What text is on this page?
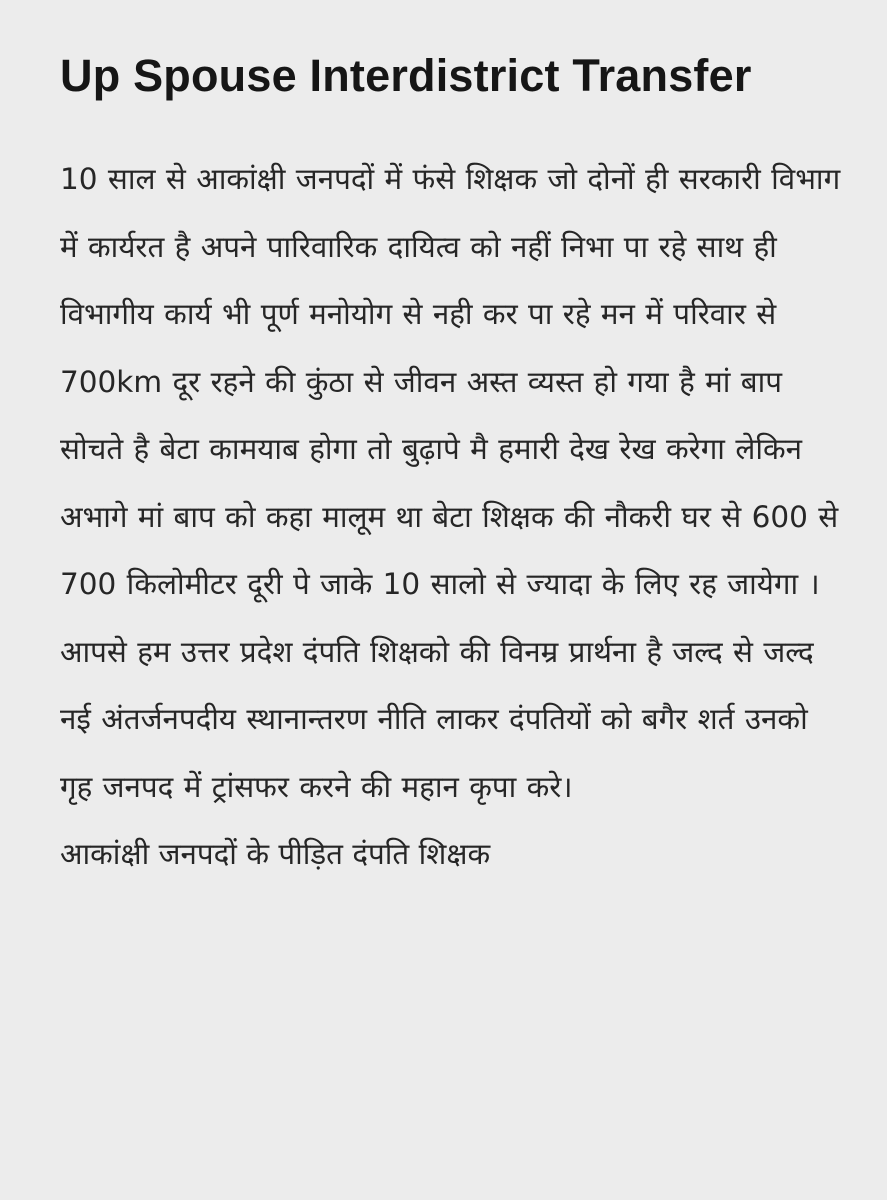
Up Spouse Interdistrict Transfer

10 साल से आकांक्षी जनपदों में फंसे शिक्षक जो दोनों ही सरकारी विभाग में कार्यरत है अपने पारिवारिक दायित्व को नहीं निभा पा रहे साथ ही विभागीय कार्य भी पूर्ण मनोयोग से नही कर पा रहे मन में परिवार से 700km दूर रहने की कुंठा से जीवन अस्त व्यस्त हो गया है मां बाप सोचते है बेटा कामयाब होगा तो बुढ़ापे मै हमारी देख रेख करेगा लेकिन अभागे मां बाप को कहा मालूम था बेटा शिक्षक की नौकरी घर से 600 से 700 किलोमीटर दूरी पे जाके 10 सालो से ज्यादा के लिए रह जायेगा । आपसे हम उत्तर प्रदेश दंपति शिक्षको की विनम्र प्रार्थना है जल्द से जल्द नई अंतर्जनपदीय स्थानान्तरण नीति लाकर दंपतियों को बगैर शर्त उनको गृह जनपद में ट्रांसफर करने की महान कृपा करे।

आकांक्षी जनपदों के पीड़ित दंपति शिक्षक
